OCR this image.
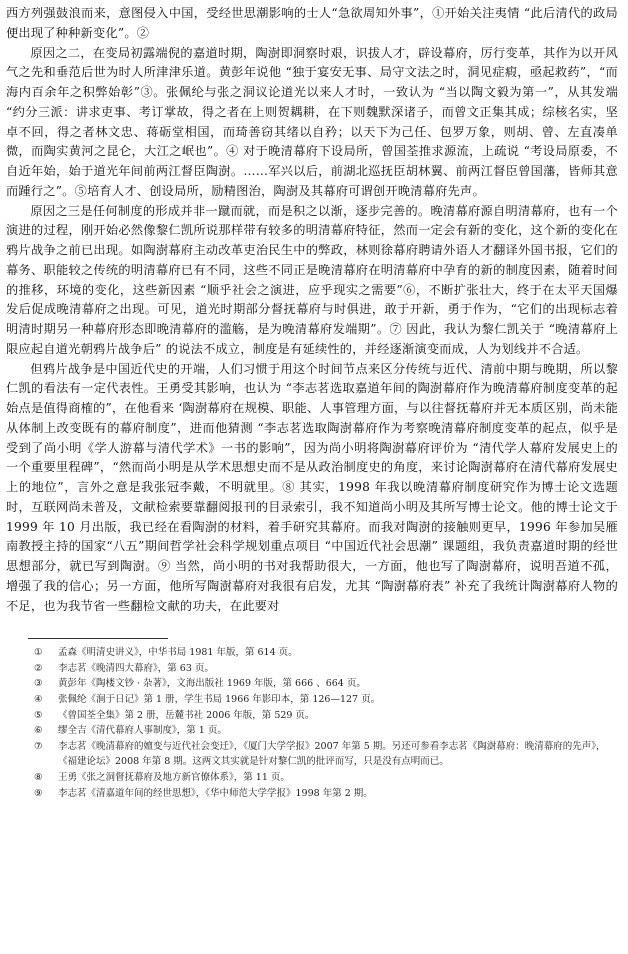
西方列强鼓浪而来，意图侵入中国，受经世思潮影响的士人“急欲周知外事”，①开始关注夷情 “此后清代的政局便出现了种种新变化”。②

原因之二，在变局初露端倪的嘉道时期，陶澍即洞察时艰，识拔人才，辟设幕府，厉行变革，其作为以开风气之先和垂范后世为时人所津津乐道。黄彭年说他 “独于宴安无事、局守文法之时，洞见症瘕，亟起救药”，“而海内百余年之积弊始彰”③。张佩纶与张之洞议论道光以来人才时，一致认为 “当以陶文毅为第一”，从其发端 “约分三派：讲求吏事、考订掌故，得之者在上则贺耦耕，在下则魏默深诸子，而曾文正集其成；综核名实，坚卓不回，得之者林文忠、蒋砺堂相国，而琦善窃其绪以自矜；以天下为己任、包罗万象，则胡、曾、左直凑单微，而陶实黄河之昆仑，大江之岷也”。④ 对于晚清幕府下设局所，曾国荃推求源流，上疏说 “考设局原委，不自近年始，始于道光年间前两江督臣陶澍。……军兴以后，前湖北巡抚臣胡林翼、前两江督臣曾国藩，皆师其意而踵行之”。⑤培育人才、创设局所，励精图治，陶澍及其幕府可谓创开晚清幕府先声。

原因之三是任何制度的形成并非一蹴而就，而是积之以渐，逐步完善的。晚清幕府源自明清幕府，也有一个演进的过程，刚开始必然像黎仁凯所说那样带有较多的明清幕府特征，然而一定会有新的变化，这个新的变化在鸦片战争之前已出现。如陶澍幕府主动改革吏治民生中的弊政，林则徐幕府聘请外语人才翻译外国书报，它们的幕务、职能较之传统的明清幕府已有不同，这些不同正是晚清幕府在明清幕府中孕育的新的制度因素，随着时间的推移，环境的变化，这些新因素 “顺乎社会之演进，应乎现实之需要”⑥，不断扩张壮大，终于在太平天国爆发后促成晚清幕府之出现。可见，道光时期部分督抚幕府与时俱进，敢于开新，勇于作为，“它们的出现标志着明清时期另一种幕府形态即晚清幕府的滥觞，是为晚清幕府发端期”。⑦ 因此，我认为黎仁凯关于 “晚清幕府上限应起自道光朝鸦片战争后” 的说法不成立，制度是有延续性的，并经逐渐演变而成，人为划线并不合适。

但鸦片战争是中国近代史的开端，人们习惯于用这个时间节点来区分传统与近代、清前中期与晚期，所以黎仁凯的看法有一定代表性。王勇受其影响，也认为 “李志茗选取嘉道年间的陶澍幕府作为晚清幕府制度变革的起始点是值得商榷的”，在他看来 ‘陶澍幕府在规模、职能、人事管理方面，与以往督抚幕府并无本质区别，尚未能从体制上改变既有的幕府制度”，进而他猜测 “李志茗选取陶澍幕府作为考察晚清幕府制度变革的起点，似乎是受到了尚小明《学人游幕与清代学术》一书的影响”，因为尚小明将陶澍幕府评价为 “清代学人幕府发展史上的一个重要里程碑”，“然而尚小明是从学术思想史而不是从政治制度史的角度，来讨论陶澍幕府在清代幕府发展史上的地位”，言外之意是我张冠李戴，不明就里。⑧ 其实，1998 年我以晚清幕府制度研究作为博士论文选题时，互联网尚未普及，文献检索要靠翻阅报刊的目录索引，我不知道尚小明及其所写博士论文。他的博士论文于 1999 年 10 月出版，我已经在看陶澍的材料，着手研究其幕府。而我对陶澍的接触则更早，1996 年参加吴雁南教授主持的国家“八五”期间哲学社会科学规划重点项目 “中国近代社会思潮” 课题组，我负责嘉道时期的经世思想部分，就已写到陶澍。⑨ 当然，尚小明的书对我帮助很大，一方面，他也写了陶澍幕府，说明吾道不孤，增强了我的信心；另一方面，他所写陶澍幕府对我很有启发，尤其 “陶澍幕府表” 补充了我统计陶澍幕府人物的不足，也为我节省一些翻检文献的功夫，在此要对

① 孟森《明清史讲义》，中华书局 1981 年版，第 614 页。
② 李志茗《晚清四大幕府》，第 63 页。
③ 黄彭年《陶楼文钞 · 杂著》，文海出版社 1969 年版，第 666 、664 页。
④ 张佩纶《涧于日记》第 1 册，学生书局 1966 年影印本，第 126—127 页。
⑤ 《曾国荃全集》第 2 册，岳麓书社 2006 年版，第 529 页。
⑥ 缪全吉《清代幕府人事制度》，第 1 页。
⑦ 李志茗《晚清幕府的嬗变与近代社会变迁》，《厦门大学学报》2007 年第 5 期。另还可参看李志茗《陶澍幕府：晚清幕府的先声》，《福建论坛》2008 年第 8 期。这两文其实就是针对黎仁凯的批评而写，只是没有点明而已。
⑧ 王勇《张之洞督抚幕府及地方新官僚体系》，第 11 页。
⑨ 李志茗《清嘉道年间的经世思想》，《华中师范大学学报》1998 年第 2 期。
